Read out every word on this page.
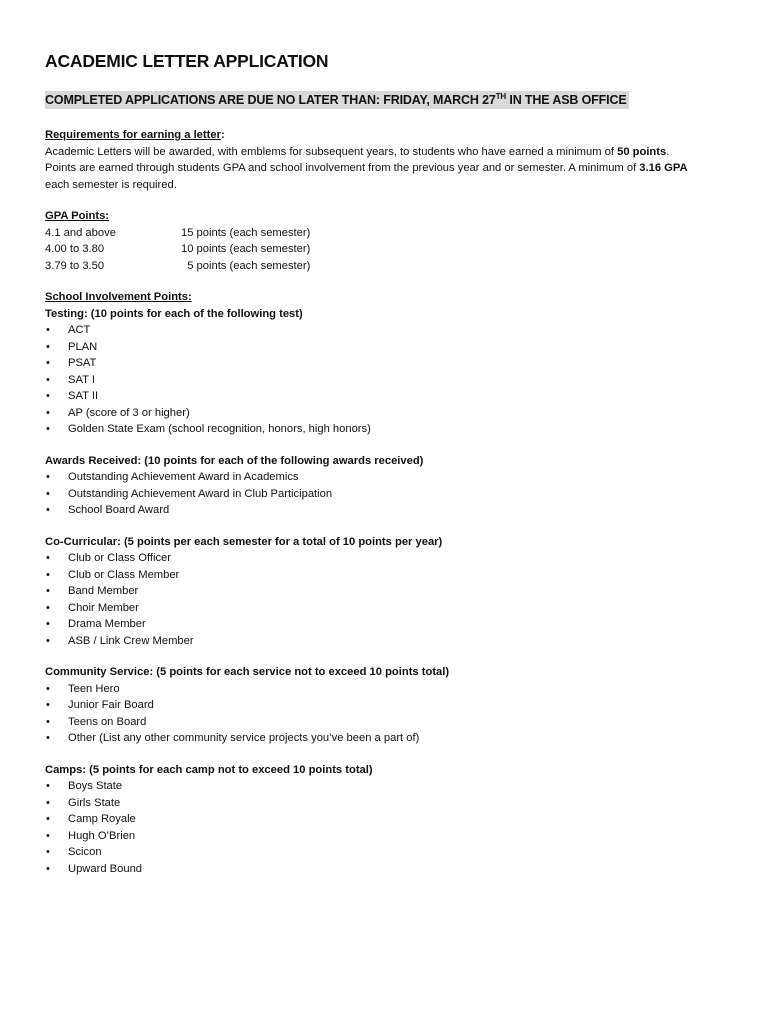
ACADEMIC LETTER APPLICATION
COMPLETED APPLICATIONS ARE DUE NO LATER THAN: FRIDAY, MARCH 27TH IN THE ASB OFFICE
Requirements for earning a letter:
Academic Letters will be awarded, with emblems for subsequent years, to students who have earned a minimum of 50 points.
Points are earned through students GPA and school involvement from the previous year and or semester. A minimum of 3.16 GPA
each semester is required.
GPA Points:
4.1 and above	15 points (each semester)
4.00 to 3.80	10 points (each semester)
3.79 to 3.50	5 points (each semester)
School Involvement Points:
Testing: (10 points for each of the following test)
• ACT
• PLAN
• PSAT
• SAT I
• SAT II
• AP (score of 3 or higher)
• Golden State Exam (school recognition, honors, high honors)
Awards Received: (10 points for each of the following awards received)
• Outstanding Achievement Award in Academics
• Outstanding Achievement Award in Club Participation
• School Board Award
Co-Curricular: (5 points per each semester for a total of 10 points per year)
• Club or Class Officer
• Club or Class Member
• Band Member
• Choir Member
• Drama Member
• ASB / Link Crew Member
Community Service: (5 points for each service not to exceed 10 points total)
• Teen Hero
• Junior Fair Board
• Teens on Board
• Other (List any other community service projects you’ve been a part of)
Camps: (5 points for each camp not to exceed 10 points total)
• Boys State
• Girls State
• Camp Royale
• Hugh O’Brien
• Scicon
• Upward Bound
